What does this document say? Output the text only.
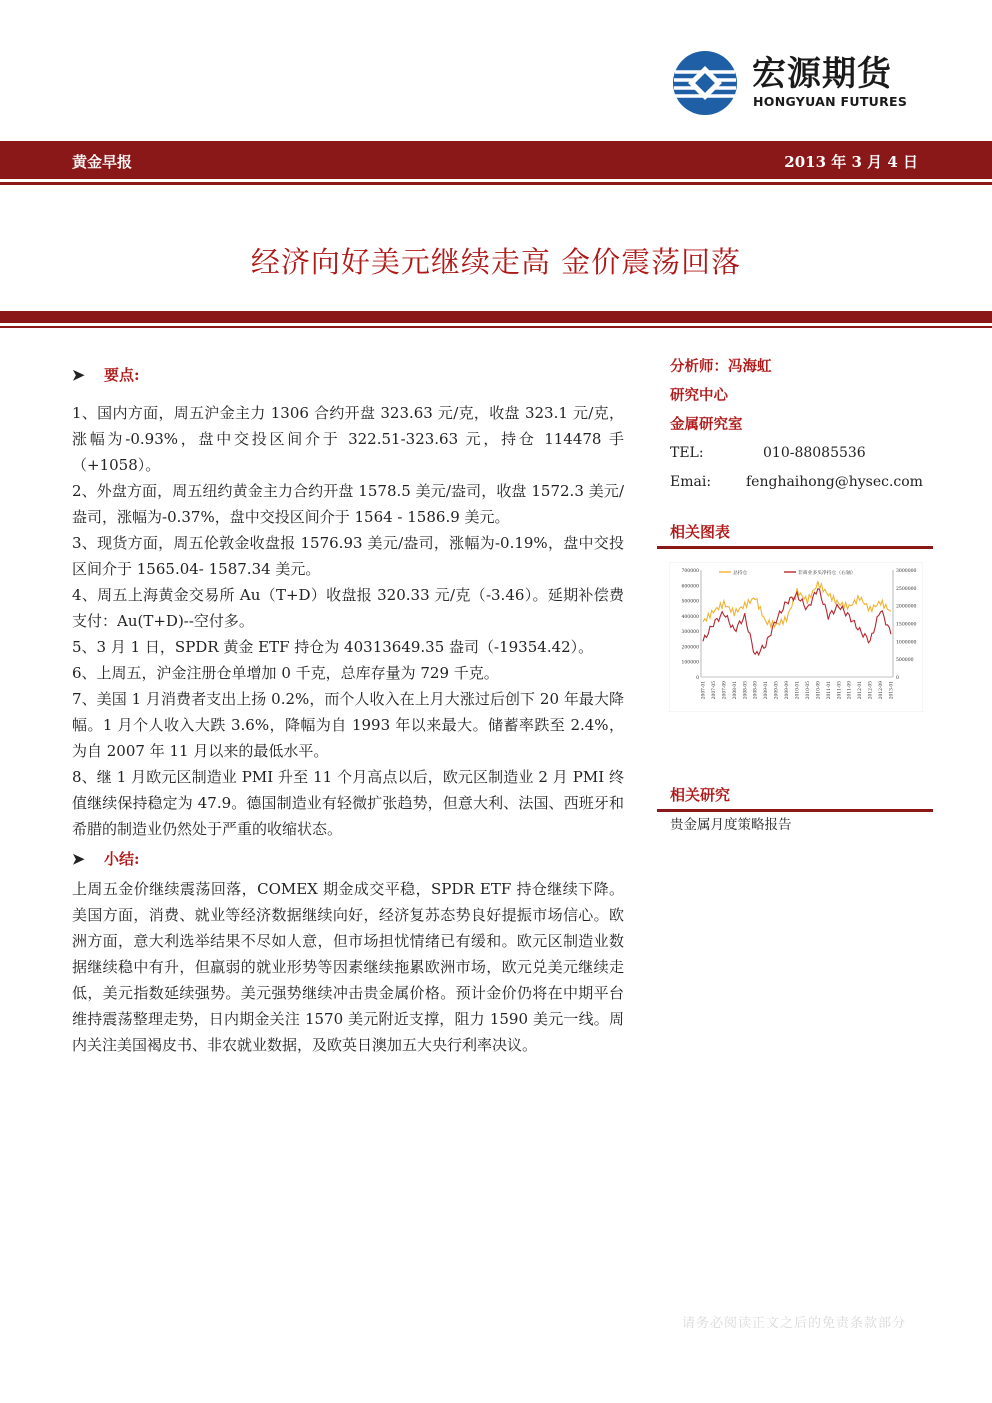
宏源期货
HONGYUAN FUTURES
黄金早报	2013 年 3 月 4 日
经济向好美元继续走高 金价震荡回落
➤ 要点:
1、国内方面，周五沪金主力 1306 合约开盘 323.63 元/克，收盘 323.1 元/克，涨幅为-0.93%，盘中交投区间介于 322.51-323.63 元，持仓 114478 手（+1058）。
2、外盘方面，周五纽约黄金主力合约开盘 1578.5 美元/盎司，收盘 1572.3 美元/盎司，涨幅为-0.37%，盘中交投区间介于 1564 - 1586.9 美元。
3、现货方面，周五伦敦金收盘报 1576.93 美元/盎司，涨幅为-0.19%，盘中交投区间介于 1565.04- 1587.34 美元。
4、周五上海黄金交易所 Au（T+D）收盘报 320.33 元/克（-3.46）。延期补偿费支付：Au(T+D)--空付多。
5、3 月 1 日，SPDR 黄金 ETF 持仓为 40313649.35 盎司（-19354.42）。
6、上周五，沪金注册仓单增加 0 千克，总库存量为 729 千克。
7、美国 1 月消费者支出上扬 0.2%，而个人收入在上月大涨过后创下 20 年最大降幅。1 月个人收入大跌 3.6%，降幅为自 1993 年以来最大。储蓄率跌至 2.4%，为自 2007 年 11 月以来的最低水平。
8、继 1 月欧元区制造业 PMI 升至 11 个月高点以后，欧元区制造业 2 月 PMI 终值继续保持稳定为 47.9。德国制造业有轻微扩张趋势，但意大利、法国、西班牙和希腊的制造业仍然处于严重的收缩状态。
➤ 小结:
上周五金价继续震荡回落，COMEX 期金成交平稳，SPDR ETF 持仓继续下降。美国方面，消费、就业等经济数据继续向好，经济复苏态势良好提振市场信心。欧洲方面，意大利选举结果不尽如人意，但市场担忧情绪已有缓和。欧元区制造业数据继续稳中有升，但羸弱的就业形势等因素继续拖累欧洲市场，欧元兑美元继续走低，美元指数延续强势。美元强势继续冲击贵金属价格。预计金价仍将在中期平台维持震荡整理走势，日内期金关注 1570 美元附近支撑，阻力 1590 美元一线。周内关注美国褐皮书、非农就业数据，及欧英日澳加五大央行利率决议。
分析师：冯海虹
研究中心
金属研究室
TEL:	010-88085536
Emai: fenghaihong@hysec.com
相关图表
0
100000
200000
300000
400000
500000
600000
700000
0
500000
1000000
1500000
2000000
2500000
3000000
2007-01 2007-05 2007-09 2008-01 2008-05 2008-09 2009-01 2009-05 2009-09 2010-01 2010-05 2010-09 2011-01 2011-05 2011-09 2012-01 2012-05 2012-09 2013-01
总持仓	非商业多头净持仓（右轴）
相关研究
贵金属月度策略报告
请务必阅读正文之后的免责条款部分
